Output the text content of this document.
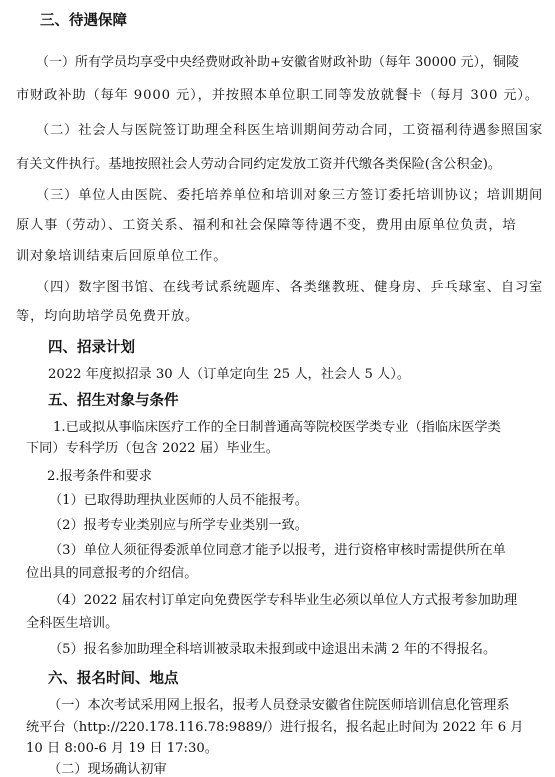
三、待遇保障

（一）所有学员均享受中央经费财政补助+安徽省财政补助（每年 30000 元），铜陵

市财政补助（每年 9000 元），并按照本单位职工同等发放就餐卡（每月 300 元）。

（二）社会人与医院签订助理全科医生培训期间劳动合同，工资福利待遇参照国家

有关文件执行。基地按照社会人劳动合同约定发放工资并代缴各类保险(含公积金)。

（三）单位人由医院、委托培养单位和培训对象三方签订委托培训协议；培训期间

原人事（劳动）、工资关系、福利和社会保障等待遇不变，费用由原单位负责，培

训对象培训结束后回原单位工作。

（四）数字图书馆、在线考试系统题库、各类继教班、健身房、乒乓球室、自习室

等，均向助培学员免费开放。

四、招录计划

2022 年度拟招录 30 人（订单定向生 25 人，社会人 5 人）。

五、招生对象与条件

1.已或拟从事临床医疗工作的全日制普通高等院校医学类专业（指临床医学类

下同）专科学历（包含 2022 届）毕业生。

2.报考条件和要求

（1）已取得助理执业医师的人员不能报考。

（2）报考专业类别应与所学专业类别一致。

（3）单位人须征得委派单位同意才能予以报考，进行资格审核时需提供所在单

位出具的同意报考的介绍信。

（4）2022 届农村订单定向免费医学专科毕业生必须以单位人方式报考参加助理

全科医生培训。

（5）报名参加助理全科培训被录取未报到或中途退出未满 2 年的不得报名。

六、报名时间、地点

（一）本次考试采用网上报名，报考人员登录安徽省住院医师培训信息化管理系

统平台（http://220.178.116.78:9889/）进行报名，报名起止时间为 2022 年 6 月

10 日 8:00-6 月 19 日 17:30。

（二）现场确认初审
